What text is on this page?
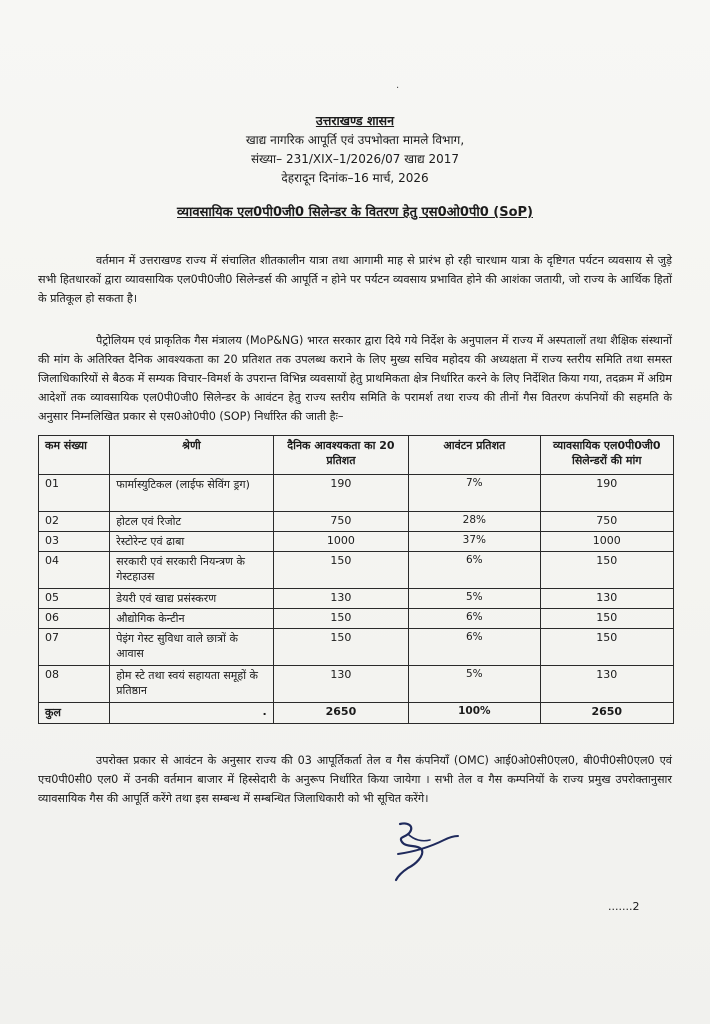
.
उत्तराखण्ड शासन
खाद्य नागरिक आपूर्ति एवं उपभोक्ता मामले विभाग,
संख्या– 231/XIX–1/2026/07 खाद्य 2017
देहरादून दिनांक–16 मार्च, 2026
व्यावसायिक एल0पी0जी0 सिलेन्डर के वितरण हेतु एस0ओ0पी0 (SoP)

वर्तमान में उत्तराखण्ड राज्य में संचालित शीतकालीन यात्रा तथा आगामी माह से प्रारंभ हो रही चारधाम यात्रा के दृष्टिगत पर्यटन व्यवसाय से जुड़े सभी हितधारकों द्वारा व्यावसायिक एल0पी0जी0 सिलेन्डर्स की आपूर्ति न होने पर पर्यटन व्यवसाय प्रभावित होने की आशंका जतायी, जो राज्य के आर्थिक हितों के प्रतिकूल हो सकता है।

पैट्रोलियम एवं प्राकृतिक गैस मंत्रालय (MoP&NG) भारत सरकार द्वारा दिये गये निर्देश के अनुपालन में राज्य में अस्पतालों तथा शैक्षिक संस्थानों की मांग के अतिरिक्त दैनिक आवश्यकता का 20 प्रतिशत तक उपलब्ध कराने के लिए मुख्य सचिव महोदय की अध्यक्षता में राज्य स्तरीय समिति तथा समस्त जिलाधिकारियों से बैठक में सम्यक विचार–विमर्श के उपरान्त विभिन्न व्यवसायों हेतु प्राथमिकता क्षेत्र निर्धारित करने के लिए निर्देशित किया गया, तदक्रम में अग्रिम आदेशों तक व्यावसायिक एल0पी0जी0 सिलेन्डर के आवंटन हेतु राज्य स्तरीय समिति के परामर्श तथा राज्य की तीनों गैस वितरण कंपनियों की सहमति के अनुसार निम्नलिखित प्रकार से एस0ओ0पी0 (SOP) निर्धारित की जाती हैः–

कम संख्या	श्रेणी	दैनिक आवश्यकता का 20 प्रतिशत	आवंटन प्रतिशत	व्यावसायिक एल0पी0जी0 सिलेन्डरों की मांग
01	फार्मास्युटिकल (लाईफ सेविंग ड्रग)	190	7%	190
02	होटल एवं रिजोट	750	28%	750
03	रेस्टोरेन्ट एवं ढाबा	1000	37%	1000
04	सरकारी एवं सरकारी नियन्त्रण के गेस्टहाउस	150	6%	150
05	डेयरी एवं खाद्य प्रसंस्करण	130	5%	130
06	औद्योगिक केन्टीन	150	6%	150
07	पेइंग गेस्ट सुविधा वाले छात्रों के आवास	150	6%	150
08	होम स्टे तथा स्वयं सहायता समूहों के प्रतिष्ठान	130	5%	130
कुल	.	2650	100%	2650

उपरोक्त प्रकार से आवंटन के अनुसार राज्य की 03 आपूर्तिकर्ता तेल व गैस कंपनियाँ (OMC) आई0ओ0सी0एल0, बी0पी0सी0एल0 एवं एच0पी0सी0 एल0 में उनकी वर्तमान बाजार में हिस्सेदारी के अनुरूप निर्धारित किया जायेगा । सभी तेल व गैस कम्पनियों के राज्य प्रमुख उपरोक्तानुसार व्यावसायिक गैस की आपूर्ति करेंगे तथा इस सम्बन्ध में सम्बन्धित जिलाधिकारी को भी सूचित करेंगे।

.......2
